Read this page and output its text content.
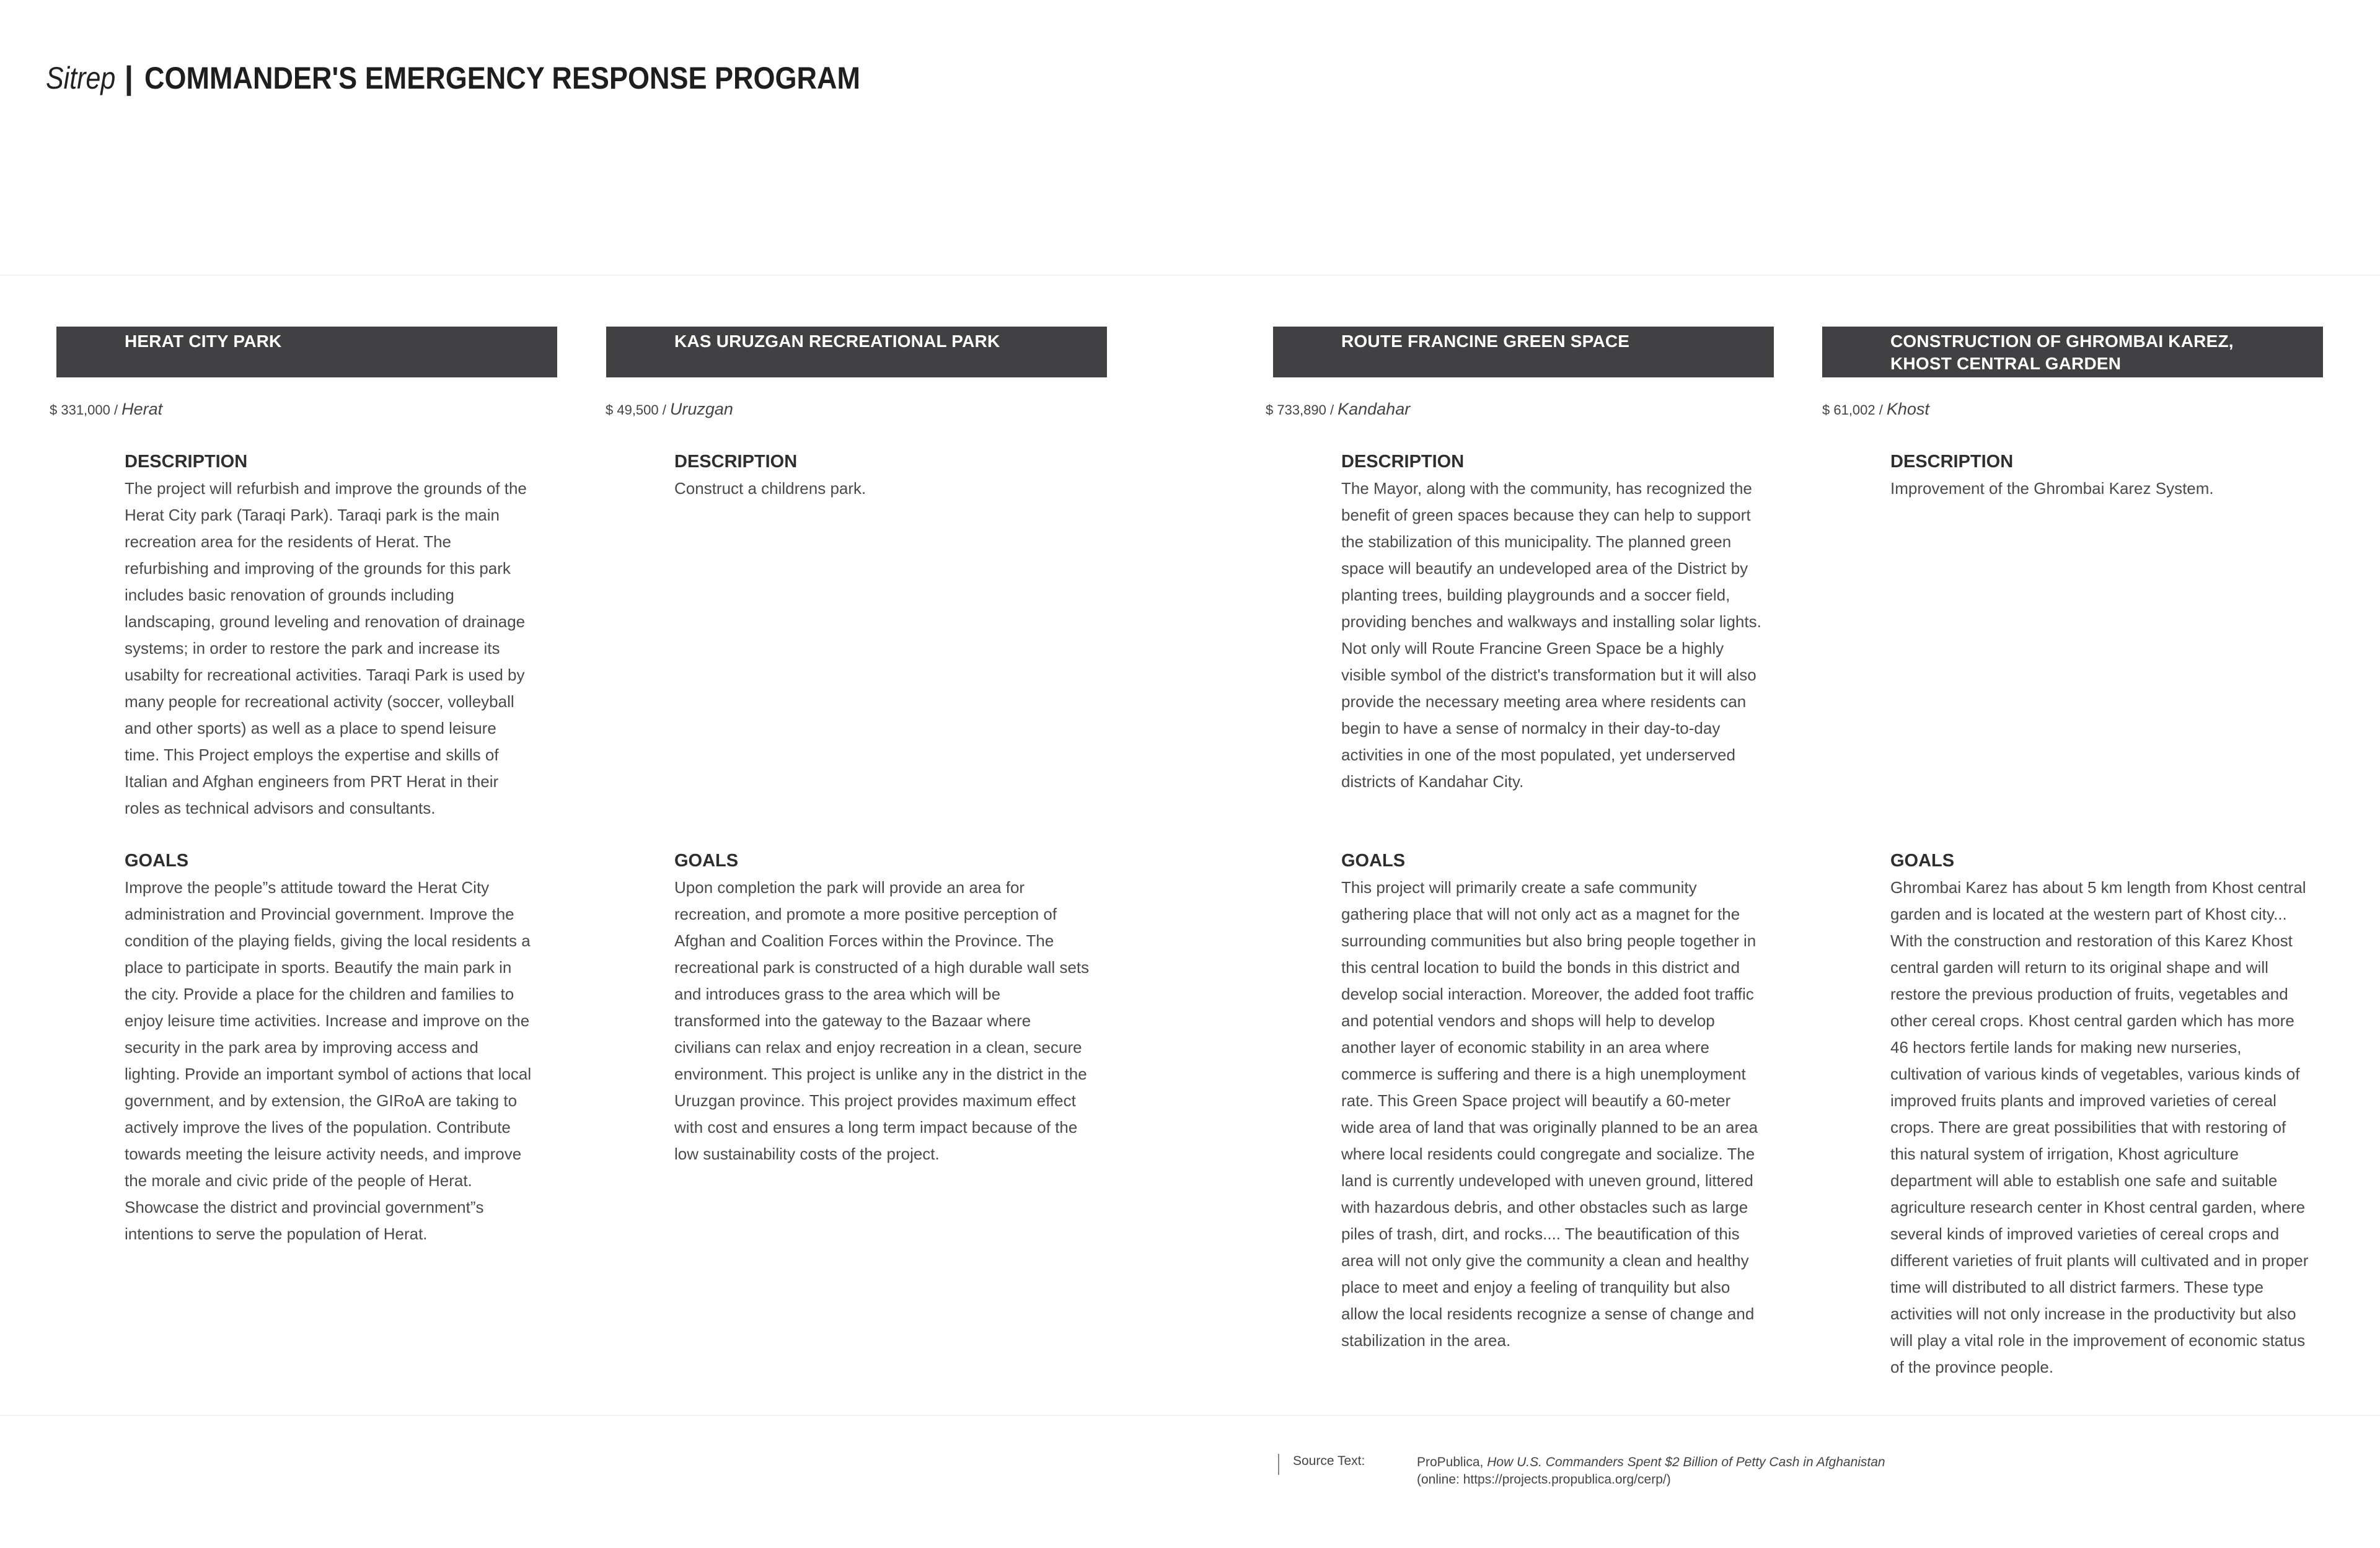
Sitrep | COMMANDER'S EMERGENCY RESPONSE PROGRAM
HERAT CITY PARK
$ 331,000 / Herat
DESCRIPTION

The project will refurbish and improve the grounds of the Herat City park (Taraqi Park). Taraqi park is the main recreation area for the residents of Herat. The refurbishing and improving of the grounds for this park includes basic renovation of grounds including landscaping, ground leveling and renovation of drainage systems; in order to restore the park and increase its usabilty for recreational activities. Taraqi Park is used by many people for recreational activity (soccer, volleyball and other sports) as well as a place to spend leisure time. This Project employs the expertise and skills of Italian and Afghan engineers from PRT Herat in their roles as technical advisors and consultants.

GOALS

Improve the people”s attitude toward the Herat City administration and Provincial government. Improve the condition of the playing fields, giving the local residents a place to participate in sports. Beautify the main park in the city. Provide a place for the children and families to enjoy leisure time activities. Increase and improve on the security in the park area by improving access and lighting. Provide an important symbol of actions that local government, and by extension, the GIRoA are taking to actively improve the lives of the population. Contribute towards meeting the leisure activity needs, and improve the morale and civic pride of the people of Herat. Showcase the district and provincial government”s intentions to serve the population of Herat.

KAS URUZGAN RECREATIONAL PARK
$ 49,500 / Uruzgan
DESCRIPTION

Construct a childrens park.

GOALS

Upon completion the park will provide an area for recreation, and promote a more positive perception of Afghan and Coalition Forces within the Province. The recreational park is constructed of a high durable wall sets and introduces grass to the area which will be transformed into the gateway to the Bazaar where civilians can relax and enjoy recreation in a clean, secure environment. This project is unlike any in the district in the Uruzgan province. This project provides maximum effect with cost and ensures a long term impact because of the low sustainability costs of the project.

ROUTE FRANCINE GREEN SPACE
$ 733,890 / Kandahar
DESCRIPTION

The Mayor, along with the community, has recognized the benefit of green spaces because they can help to support the stabilization of this municipality. The planned green space will beautify an undeveloped area of the District by planting trees, building playgrounds and a soccer field, providing benches and walkways and installing solar lights. Not only will Route Francine Green Space be a highly visible symbol of the district's transformation but it will also provide the necessary meeting area where residents can begin to have a sense of normalcy in their day-to-day activities in one of the most populated, yet underserved districts of Kandahar City.

GOALS

This project will primarily create a safe community gathering place that will not only act as a magnet for the surrounding communities but also bring people together in this central location to build the bonds in this district and develop social interaction. Moreover, the added foot traffic and potential vendors and shops will help to develop another layer of economic stability in an area where commerce is suffering and there is a high unemployment rate. This Green Space project will beautify a 60-meter wide area of land that was originally planned to be an area where local residents could congregate and socialize. The land is currently undeveloped with uneven ground, littered with hazardous debris, and other obstacles such as large piles of trash, dirt, and rocks.... The beautification of this area will not only give the community a clean and healthy place to meet and enjoy a feeling of tranquility but also allow the local residents recognize a sense of change and stabilization in the area.

CONSTRUCTION OF GHROMBAI KAREZ, KHOST CENTRAL GARDEN
$ 61,002 / Khost
DESCRIPTION

Improvement of the Ghrombai Karez System.

GOALS

Ghrombai Karez has about 5 km length from Khost central garden and is located at the western part of Khost city... With the construction and restoration of this Karez Khost central garden will return to its original shape and will restore the previous production of fruits, vegetables and other cereal crops. Khost central garden which has more 46 hectors fertile lands for making new nurseries, cultivation of various kinds of vegetables, various kinds of improved fruits plants and improved varieties of cereal crops. There are great possibilities that with restoring of this natural system of irrigation, Khost agriculture department will able to establish one safe and suitable agriculture research center in Khost central garden, where several kinds of improved varieties of cereal crops and different varieties of fruit plants will cultivated and in proper time will distributed to all district farmers. These type activities will not only increase in the productivity but also will play a vital role in the improvement of economic status of the province people.

Source Text:	ProPublica, How U.S. Commanders Spent $2 Billion of Petty Cash in Afghanistan
(online: https://projects.propublica.org/cerp/)
